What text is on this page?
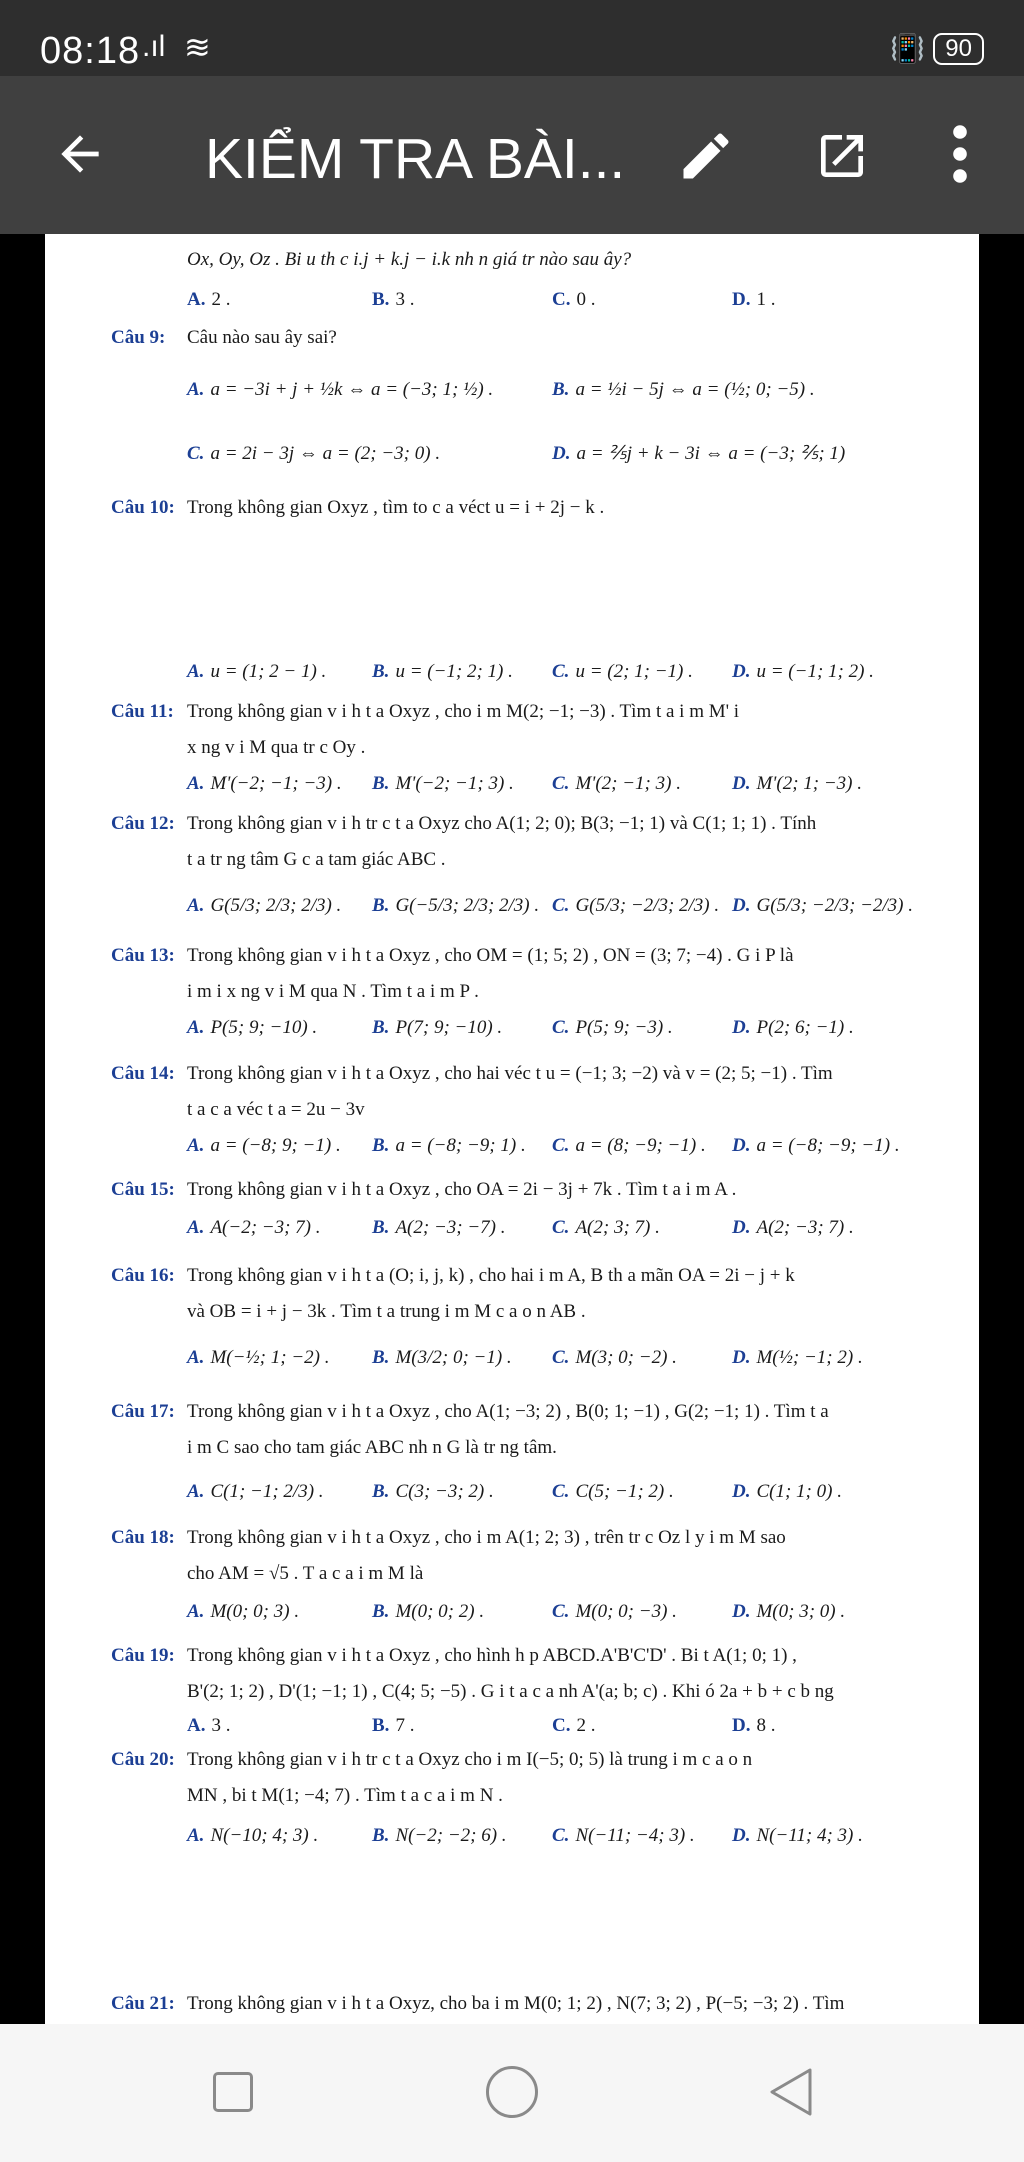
08:18 .ıl ≋	📳 90
KIỂM TRA BÀI...
Ox, Oy, Oz . Bi u th c i.j + k.j − i.k nh n giá tr nào sau ây?
A. 2 .	B. 3 .	C. 0 .	D. 1 .
Câu 9: Câu nào sau ây sai?
A. a = −3i + j + ½k ⇔ a = (−3; 1; ½) .	B. a = ½i − 5j ⇔ a = (½; 0; −5) .
C. a = 2i − 3j ⇔ a = (2; −3; 0) .	D. a = ⅖j + k − 3i ⇔ a = (−3; ⅖; 1)
Câu 10: Trong không gian Oxyz , tìm to c a véct u = i + 2j − k .
A. u = (1; 2 − 1) . B. u = (−1; 2; 1) . C. u = (2; 1; −1) . D. u = (−1; 1; 2) .
Câu 11: Trong không gian v i h t a Oxyz , cho i m M(2; −1; −3) . Tìm t a i m M' i
x ng v i M qua tr c Oy .
A. M'(−2; −1; −3) . B. M'(−2; −1; 3) . C. M'(2; −1; 3) .	D. M'(2; 1; −3) .
Câu 12: Trong không gian v i h tr c t a Oxyz cho A(1; 2; 0); B(3; −1; 1) và C(1; 1; 1) . Tính
t a tr ng tâm G c a tam giác ABC .
A. G(5/3; 2/3; 2/3) . B. G(−5/3; 2/3; 2/3) . C. G(5/3; −2/3; 2/3) . D. G(5/3; −2/3; −2/3) .
Câu 13: Trong không gian v i h t a Oxyz , cho OM = (1; 5; 2) , ON = (3; 7; −4) . G i P là
i m i x ng v i M qua N . Tìm t a i m P .
A. P(5; 9; −10) .	B. P(7; 9; −10) .	C. P(5; 9; −3) .	D. P(2; 6; −1) .
Câu 14: Trong không gian v i h t a Oxyz , cho hai véc t u = (−1; 3; −2) và v = (2; 5; −1) . Tìm
t a c a véc t a = 2u − 3v
A. a = (−8; 9; −1) . B. a = (−8; −9; 1) . C. a = (8; −9; −1) . D. a = (−8; −9; −1) .
Câu 15: Trong không gian v i h t a Oxyz , cho OA = 2i − 3j + 7k . Tìm t a i m A .
A. A(−2; −3; 7) .	B. A(2; −3; −7) . C. A(2; 3; 7) .	D. A(2; −3; 7) .
Câu 16: Trong không gian v i h t a (O; i, j, k) , cho hai i m A, B th a mãn OA = 2i − j + k
và OB = i + j − 3k . Tìm t a trung i m M c a o n AB .
A. M(−½; 1; −2) . B. M(3/2; 0; −1) . C. M(3; 0; −2) .	D. M(½; −1; 2) .
Câu 17: Trong không gian v i h t a Oxyz , cho A(1; −3; 2) , B(0; 1; −1) , G(2; −1; 1) . Tìm t a
i m C sao cho tam giác ABC nh n G là tr ng tâm.
A. C(1; −1; 2/3) .	B. C(3; −3; 2) .	C. C(5; −1; 2) .	D. C(1; 1; 0) .
Câu 18: Trong không gian v i h t a Oxyz , cho i m A(1; 2; 3) , trên tr c Oz l y i m M sao
cho AM = √5 . T a c a i m M là
A. M(0; 0; 3) .	B. M(0; 0; 2) .	C. M(0; 0; −3) .	D. M(0; 3; 0) .
Câu 19: Trong không gian v i h t a Oxyz , cho hình h p ABCD.A'B'C'D' . Bi t A(1; 0; 1) ,
B'(2; 1; 2) , D'(1; −1; 1) , C(4; 5; −5) . G i t a c a nh A'(a; b; c) . Khi ó 2a + b + c b ng
A. 3 .	B. 7 .	C. 2 .	D. 8 .
Câu 20: Trong không gian v i h tr c t a Oxyz cho i m I(−5; 0; 5) là trung i m c a o n
MN , bi t M(1; −4; 7) . Tìm t a c a i m N .
A. N(−10; 4; 3) .	B. N(−2; −2; 6) . C. N(−11; −4; 3) . D. N(−11; 4; 3) .
Câu 21: Trong không gian v i h t a Oxyz, cho ba i m M(0; 1; 2) , N(7; 3; 2) , P(−5; −3; 2) . Tìm
